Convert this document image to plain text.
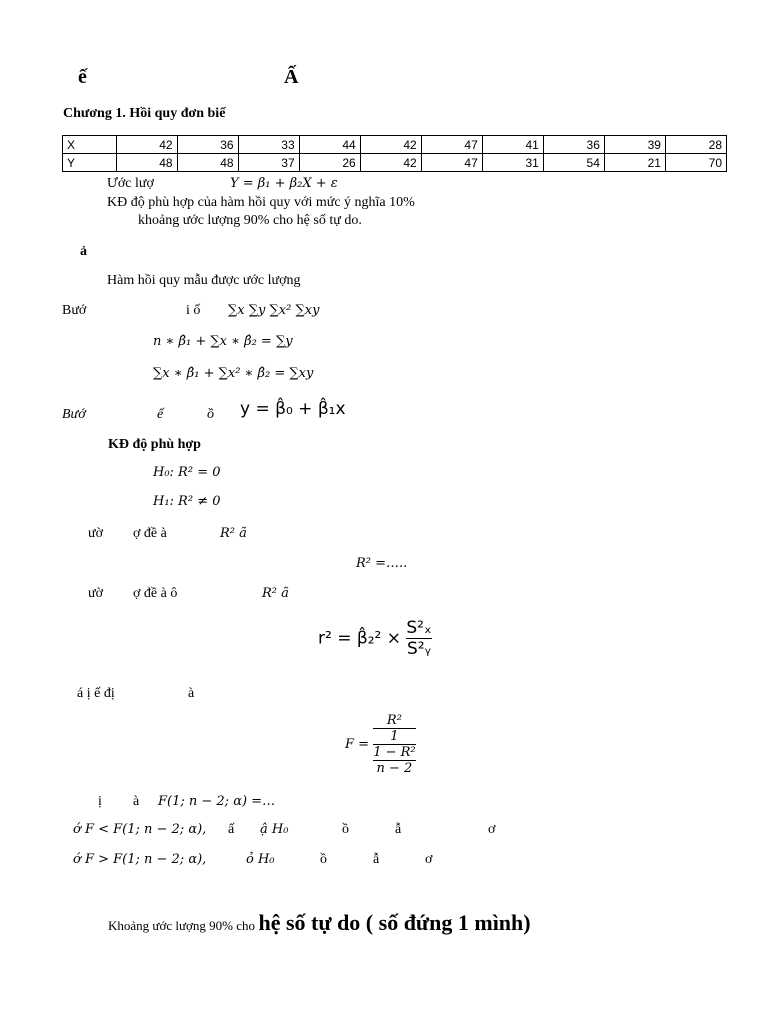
ế	Ấ
Chương 1. Hồi quy đơn biế
X	42	36	33	44	42	47	41	36	39	28
Y	48	48	37	26	42	47	31	54	21	70
Ước lượ	Y = β₁ + β₂X + ε
KĐ độ phù hợp của hàm hồi quy với mức ý nghĩa 10%
khoảng ước lượng 90% cho hệ số tự do.
ả
Hàm hồi quy mẫu được ước lượng
Bướ	i ố ∑x ∑y ∑x² ∑xy
n ∗ β̂₁ + ∑x ∗ β̂₂ = ∑y
∑x ∗ β̂₁ + ∑x² ∗ β̂₂ = ∑xy
Bướ	ế	ồ y = β̂₀ + β̂₁x
KĐ độ phù hợp
H₀: R² = 0
H₁: R² ≠ 0
ườ ợ đề à	R² ã
R² =…..
ườ ợ đề à ô	R² ã
r² = β̂₂² × $\frac{\text{S²ₓ}}{\text{S²ᵧ}}$
á ị ế đị	à
F = R²
1
1 − R²
n − 2
ị à F(1; n − 2; α) =…
ớ F < F(1; n − 2; α), ấ ậ H₀	ồ	ẫ	ơ
ớ F > F(1; n − 2; α),	ỏ H₀	ồ	ẫ	ơ
Khoảng ước lượng 90% cho hệ số tự do ( số đứng 1 mình)
